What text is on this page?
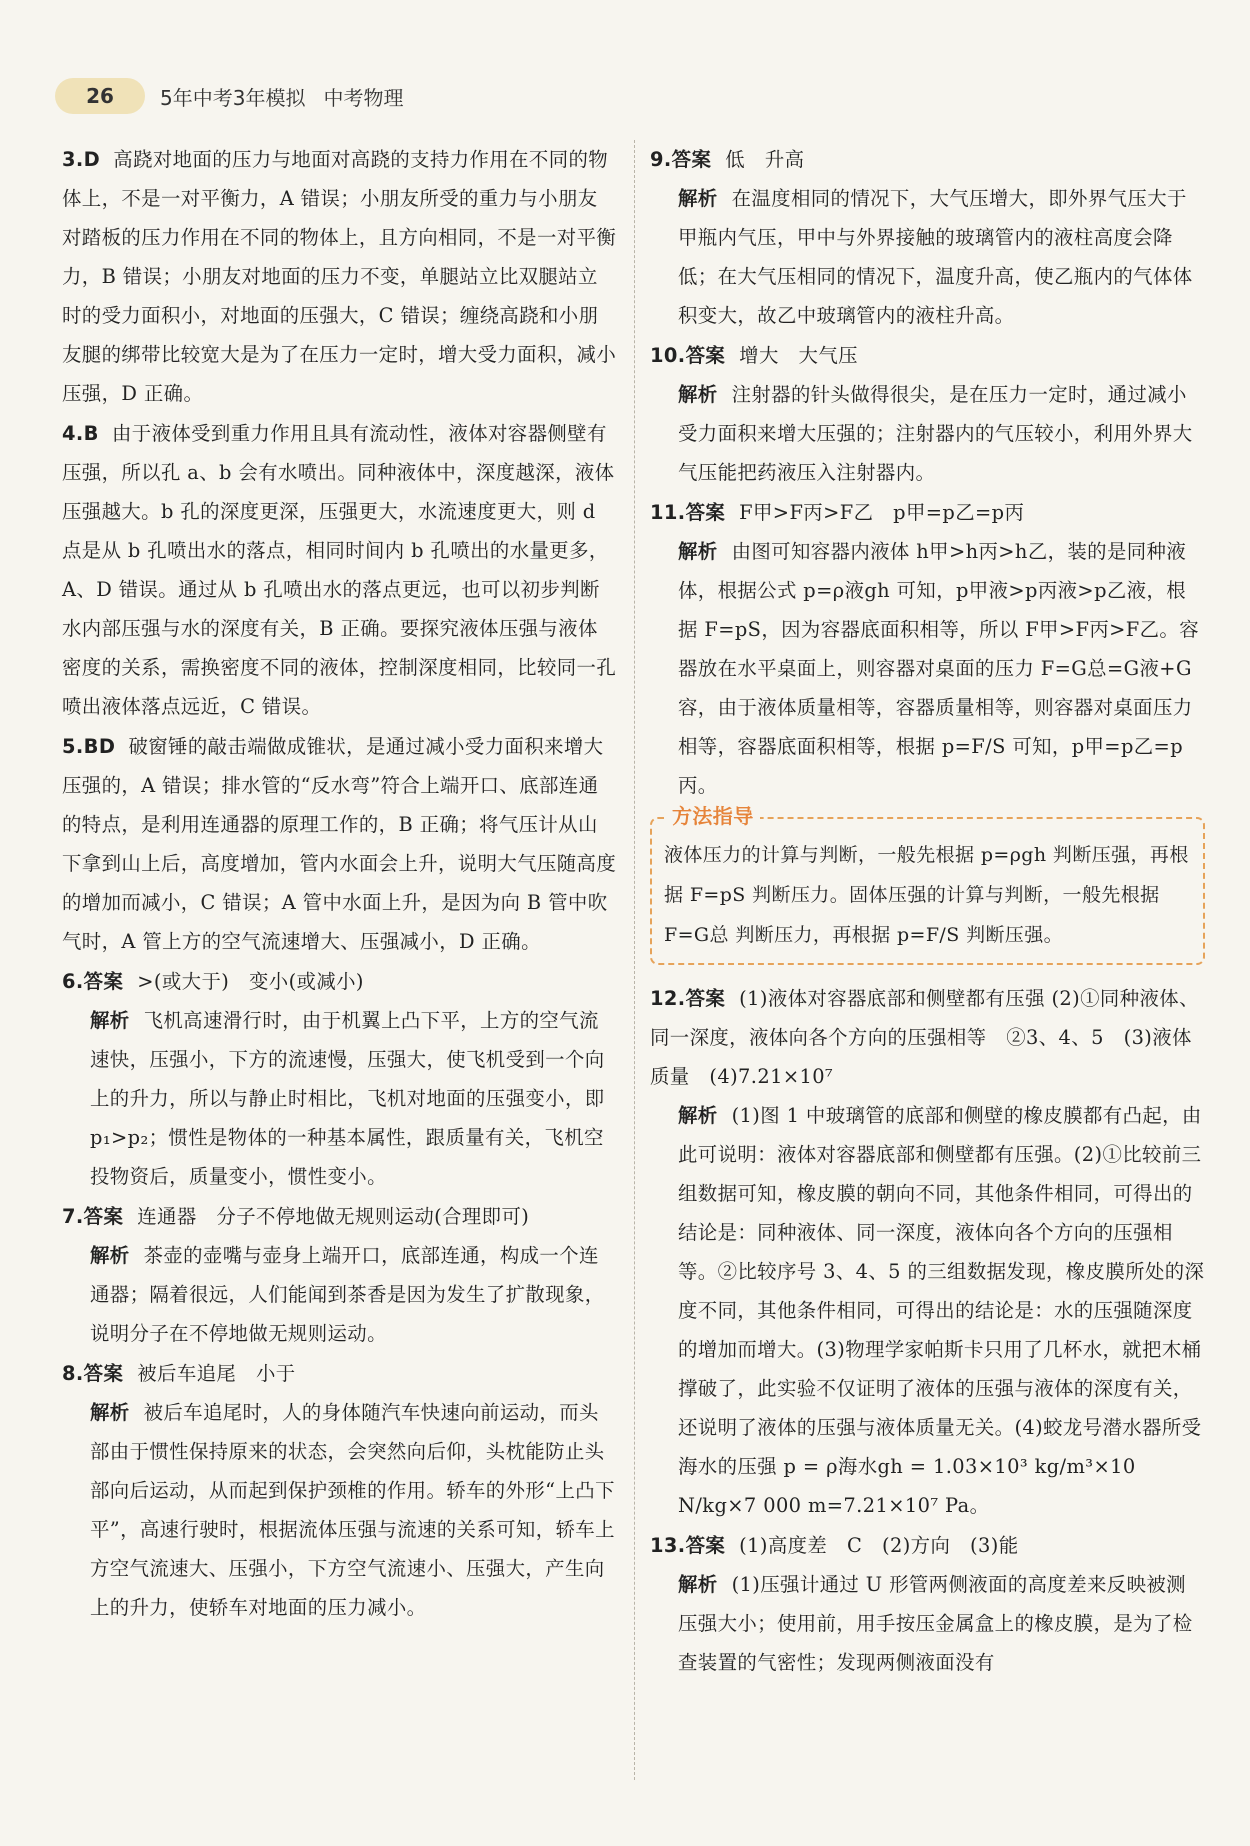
26	5年中考3年模拟 中考物理
3.D 高跷对地面的压力与地面对高跷的支持力作用在不同的物体上，不是一对平衡力，A 错误；小朋友所受的重力与小朋友对踏板的压力作用在不同的物体上，且方向相同，不是一对平衡力，B 错误；小朋友对地面的压力不变，单腿站立比双腿站立时的受力面积小，对地面的压强大，C 错误；缠绕高跷和小朋友腿的绑带比较宽大是为了在压力一定时，增大受力面积，减小压强，D 正确。
4.B 由于液体受到重力作用且具有流动性，液体对容器侧壁有压强，所以孔 a、b 会有水喷出。同种液体中，深度越深，液体压强越大。b 孔的深度更深，压强更大，水流速度更大，则 d 点是从 b 孔喷出水的落点，相同时间内 b 孔喷出的水量更多，A、D 错误。通过从 b 孔喷出水的落点更远，也可以初步判断水内部压强与水的深度有关，B 正确。要探究液体压强与液体密度的关系，需换密度不同的液体，控制深度相同，比较同一孔喷出液体落点远近，C 错误。
5.BD 破窗锤的敲击端做成锥状，是通过减小受力面积来增大压强的，A 错误；排水管的“反水弯”符合上端开口、底部连通的特点，是利用连通器的原理工作的，B 正确；将气压计从山下拿到山上后，高度增加，管内水面会上升，说明大气压随高度的增加而减小，C 错误；A 管中水面上升，是因为向 B 管中吹气时，A 管上方的空气流速增大、压强减小，D 正确。
6.答案 >(或大于)　变小(或减小)
解析 飞机高速滑行时，由于机翼上凸下平，上方的空气流速快，压强小，下方的流速慢，压强大，使飞机受到一个向上的升力，所以与静止时相比，飞机对地面的压强变小，即 p₁>p₂；惯性是物体的一种基本属性，跟质量有关，飞机空投物资后，质量变小，惯性变小。
7.答案 连通器　分子不停地做无规则运动(合理即可)
解析 茶壶的壶嘴与壶身上端开口，底部连通，构成一个连通器；隔着很远，人们能闻到茶香是因为发生了扩散现象，说明分子在不停地做无规则运动。
8.答案 被后车追尾　小于
解析 被后车追尾时，人的身体随汽车快速向前运动，而头部由于惯性保持原来的状态，会突然向后仰，头枕能防止头部向后运动，从而起到保护颈椎的作用。轿车的外形“上凸下平”，高速行驶时，根据流体压强与流速的关系可知，轿车上方空气流速大、压强小，下方空气流速小、压强大，产生向上的升力，使轿车对地面的压力减小。
9.答案 低　升高
解析 在温度相同的情况下，大气压增大，即外界气压大于甲瓶内气压，甲中与外界接触的玻璃管内的液柱高度会降低；在大气压相同的情况下，温度升高，使乙瓶内的气体体积变大，故乙中玻璃管内的液柱升高。
10.答案 增大　大气压
解析 注射器的针头做得很尖，是在压力一定时，通过减小受力面积来增大压强的；注射器内的气压较小，利用外界大气压能把药液压入注射器内。
11.答案 F甲>F丙>F乙　p甲=p乙=p丙
解析 由图可知容器内液体 h甲>h丙>h乙，装的是同种液体，根据公式 p=ρ液gh 可知，p甲液>p丙液>p乙液，根据 F=pS，因为容器底面积相等，所以 F甲>F丙>F乙。容器放在水平桌面上，则容器对桌面的压力 F=G总=G液+G容，由于液体质量相等，容器质量相等，则容器对桌面压力相等，容器底面积相等，根据 p=F/S 可知，p甲=p乙=p丙。
方法指导
液体压力的计算与判断，一般先根据 p=ρgh 判断压强，再根据 F=pS 判断压力。固体压强的计算与判断，一般先根据 F=G总 判断压力，再根据 p=F/S 判断压强。
12.答案 (1)液体对容器底部和侧壁都有压强 (2)①同种液体、同一深度，液体向各个方向的压强相等　②3、4、5　(3)液体质量　(4)7.21×10⁷
解析 (1)图 1 中玻璃管的底部和侧壁的橡皮膜都有凸起，由此可说明：液体对容器底部和侧壁都有压强。(2)①比较前三组数据可知，橡皮膜的朝向不同，其他条件相同，可得出的结论是：同种液体、同一深度，液体向各个方向的压强相等。②比较序号 3、4、5 的三组数据发现，橡皮膜所处的深度不同，其他条件相同，可得出的结论是：水的压强随深度的增加而增大。(3)物理学家帕斯卡只用了几杯水，就把木桶撑破了，此实验不仅证明了液体的压强与液体的深度有关，还说明了液体的压强与液体质量无关。(4)蛟龙号潜水器所受海水的压强 p = ρ海水gh = 1.03×10³ kg/m³×10 N/kg×7 000 m=7.21×10⁷ Pa。
13.答案 (1)高度差　C　(2)方向　(3)能
解析 (1)压强计通过 U 形管两侧液面的高度差来反映被测压强大小；使用前，用手按压金属盒上的橡皮膜，是为了检查装置的气密性；发现两侧液面没有
